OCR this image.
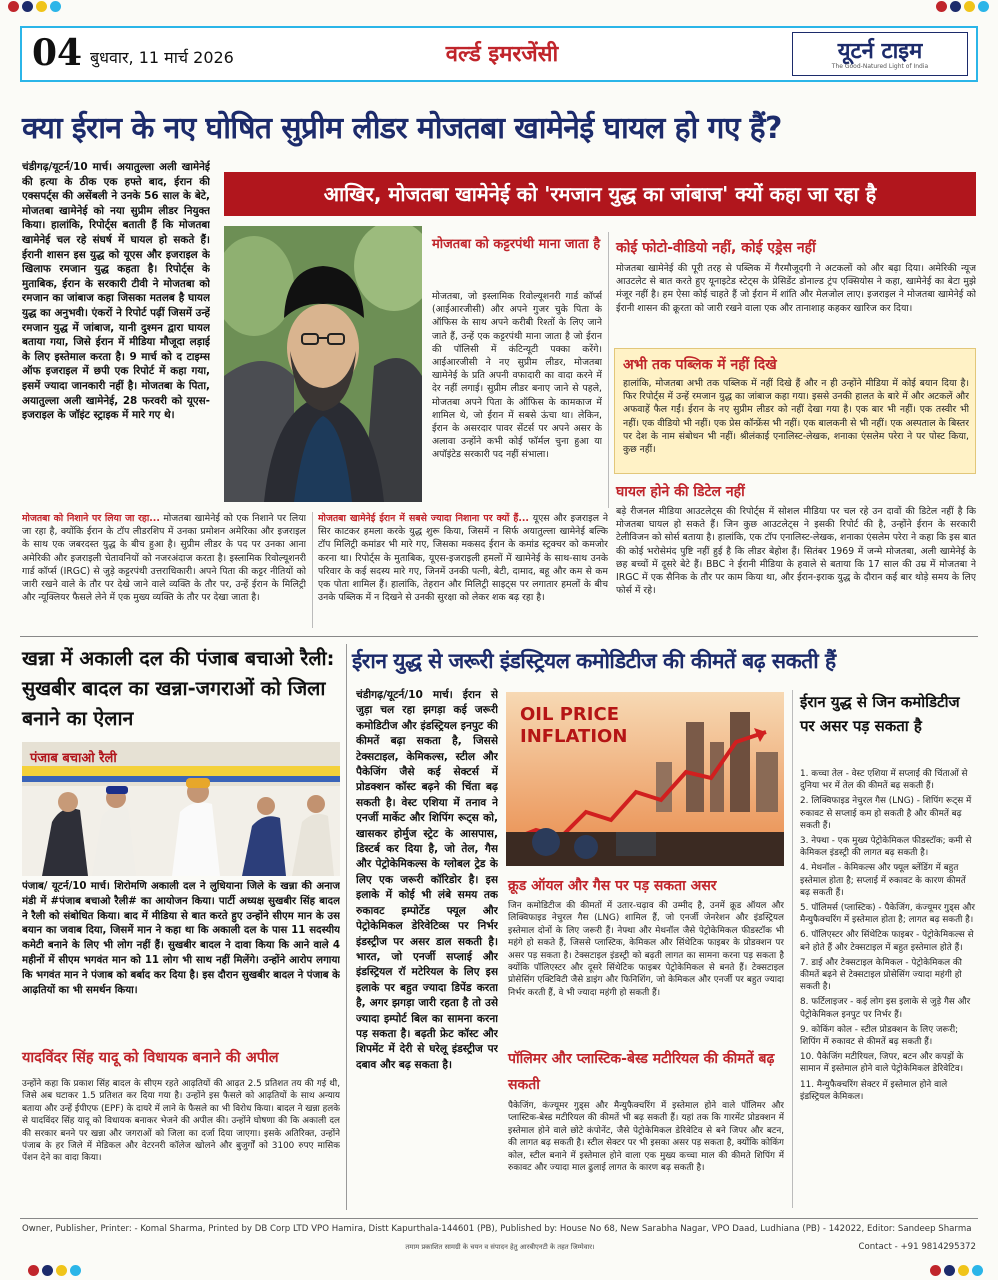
04 बुधवार, 11 मार्च 2026	वर्ल्ड इमरजेंसी	यूटर्न टाइम
The Good-Natured Light of India
क्या ईरान के नए घोषित सुप्रीम लीडर मोजतबा खामेनेई घायल हो गए हैं?
चंडीगढ़/यूटर्न/10 मार्च। अयातुल्ला अली खामेनेई की हत्या के ठीक एक हफ्ते बाद, ईरान की एक्सपर्ट्स की असेंबली ने उनके 56 साल के बेटे, मोजतबा खामेनेई को नया सुप्रीम लीडर नियुक्त किया। हालांकि, रिपोर्ट्स बताती हैं कि मोजतबा खामेनेई चल रहे संघर्ष में घायल हो सकते हैं। ईरानी शासन इस युद्ध को यूएस और इजराइल के खिलाफ रमजान युद्ध कहता है। रिपोर्ट्स के मुताबिक, ईरान के सरकारी टीवी ने मोजतबा को रमजान का जांबाज कहा जिसका मतलब है घायल युद्ध का अनुभवी। एंकरों ने रिपोर्ट पढ़ीं जिसमें उन्हें रमजान युद्ध में जांबाज, यानी दुश्मन द्वारा घायल बताया गया, जिसे ईरान में मीडिया मौजूदा लड़ाई के लिए इस्तेमाल करता है। 9 मार्च को द टाइम्स ऑफ इजराइल में छपी एक रिपोर्ट में कहा गया, इसमें ज्यादा जानकारी नहीं है। मोजतबा के पिता, अयातुल्ला अली खामेनेई, 28 फरवरी को यूएस-इजराइल के जॉइंट स्ट्राइक में मारे गए थे।
आखिर, मोजतबा खामेनेई को 'रमजान युद्ध का जांबाज' क्यों कहा जा रहा है
मोजतबा को कट्टरपंथी माना जाता है
मोजतबा, जो इस्लामिक रिवोल्यूशनरी गार्ड कॉर्प्स (आईआरजीसी) और अपने गुजर चुके पिता के ऑफिस के साथ अपने करीबी रिश्तों के लिए जाने जाते हैं, उन्हें एक कट्टरपंथी माना जाता है जो ईरान की पॉलिसी में कंटिन्यूटी पक्का करेंगे। आईआरजीसी ने नए सुप्रीम लीडर, मोजतबा खामेनेई के प्रति अपनी वफादारी का वादा करने में देर नहीं लगाई। सुप्रीम लीडर बनाए जाने से पहले, मोजतबा अपने पिता के ऑफिस के कामकाज में शामिल थे, जो ईरान में सबसे ऊंचा था। लेकिन, ईरान के असरदार पावर सेंटर्स पर अपने असर के अलावा उन्होंने कभी कोई फॉर्मल चुना हुआ या अपॉइंटेड सरकारी पद नहीं संभाला।
कोई फोटो-वीडियो नहीं, कोई एड्रेस नहीं
मोजतबा खामेनेई की पूरी तरह से पब्लिक में गैरमौजूदगी ने अटकलों को और बढ़ा दिया। अमेरिकी न्यूज आउटलेट से बात करते हुए यूनाइटेड स्टेट्स के प्रेसिडेंट डोनाल्ड ट्रंप एक्सियोस ने कहा, खामेनेई का बेटा मुझे मंजूर नहीं है। हम ऐसा कोई चाहते हैं जो ईरान में शांति और मेलजोल लाए। इजराइल ने मोजतबा खामेनेई को ईरानी शासन की क्रूरता को जारी रखने वाला एक और तानाशाह कहकर खारिज कर दिया।
अभी तक पब्लिक में नहीं दिखे
हालांकि, मोजतबा अभी तक पब्लिक में नहीं दिखे हैं और न ही उन्होंने मीडिया में कोई बयान दिया है। फिर रिपोर्ट्स में उन्हें रमजान युद्ध का जांबाज कहा गया। इससे उनकी हालत के बारे में और अटकलें और अफवाहें फैल गईं। ईरान के नए सुप्रीम लीडर को नहीं देखा गया है। एक बार भी नहीं। एक तस्वीर भी नहीं। एक वीडियो भी नहीं। एक प्रेस कॉन्फ्रेंस भी नहीं। एक बालकनी से भी नहीं। एक अस्पताल के बिस्तर पर देश के नाम संबोधन भी नहीं। श्रीलंकाई एनालिस्ट-लेखक, शनाका एंसलेम परेरा ने पर पोस्ट किया, कुछ नहीं।
घायल होने की डिटेल नहीं
बड़े रीजनल मीडिया आउटलेट्स की रिपोर्ट्स में सोशल मीडिया पर चल रहे उन दावों की डिटेल नहीं है कि मोजतबा घायल हो सकते हैं। जिन कुछ आउटलेट्स ने इसकी रिपोर्ट की है, उन्होंने ईरान के सरकारी टेलीविजन को सोर्स बताया है। हालांकि, एक टॉप एनालिस्ट-लेखक, शनाका एंसलेम परेरा ने कहा कि इस बात की कोई भरोसेमंद पुष्टि नहीं हुई है कि लीडर बेहोश हैं। सितंबर 1969 में जन्मे मोजतबा, अली खामेनेई के छह बच्चों में दूसरे बेटे हैं। BBC ने ईरानी मीडिया के हवाले से बताया कि 17 साल की उम्र में मोजतबा ने IRGC में एक सैनिक के तौर पर काम किया था, और ईरान-इराक युद्ध के दौरान कई बार थोड़े समय के लिए फोर्स में रहे।
मोजतबा को निशाने पर लिया जा रहा... मोजतबा खामेनेई को एक निशाने पर लिया जा रहा है, क्योंकि ईरान के टॉप लीडरशिप में उनका प्रमोशन अमेरिका और इजराइल के साथ एक जबरदस्त युद्ध के बीच हुआ है। सुप्रीम लीडर के पद पर उनका आना अमेरिकी और इजराइली चेतावनियों को नजरअंदाज करता है। इस्लामिक रिवोल्यूशनरी गार्ड कॉर्प्स (IRGC) से जुड़े कट्टरपंथी उत्तराधिकारी। अपने पिता की कट्टर नीतियों को जारी रखने वाले के तौर पर देखे जाने वाले व्यक्ति के तौर पर, उन्हें ईरान के मिलिट्री और न्यूक्लियर फैसले लेने में एक मुख्य व्यक्ति के तौर पर देखा जाता है।
मोजतबा खामेनेई ईरान में सबसे ज्यादा निशाना पर क्यों हैं... यूएस और इजराइल ने सिर काटकर हमला करके युद्ध शुरू किया, जिसमें न सिर्फ अयातुल्ला खामेनेई बल्कि टॉप मिलिट्री कमांडर भी मारे गए, जिसका मकसद ईरान के कमांड स्ट्रक्चर को कमजोर करना था। रिपोर्ट्स के मुताबिक, यूएस-इजराइली हमलों में खामेनेई के साथ-साथ उनके परिवार के कई सदस्य मारे गए, जिनमें उनकी पत्नी, बेटी, दामाद, बहू और कम से कम एक पोता शामिल हैं। हालांकि, तेहरान और मिलिट्री साइट्स पर लगातार हमलों के बीच उनके पब्लिक में न दिखने से उनकी सुरक्षा को लेकर शक बढ़ रहा है।
खन्ना में अकाली दल की पंजाब बचाओ रैली: सुखबीर बादल का खन्ना-जगराओं को जिला बनाने का ऐलान
पंजाब बचाओ रैली
पंजाब/ यूटर्न/10 मार्च। शिरोमणि अकाली दल ने लुधियाना जिले के खन्ना की अनाज मंडी में #पंजाब बचाओ रैली# का आयोजन किया। पार्टी अध्यक्ष सुखबीर सिंह बादल ने रैली को संबोधित किया। बाद में मीडिया से बात करते हुए उन्होंने सीएम मान के उस बयान का जवाब दिया, जिसमें मान ने कहा था कि अकाली दल के पास 11 सदस्यीय कमेटी बनाने के लिए भी लोग नहीं हैं। सुखबीर बादल ने दावा किया कि आने वाले 4 महीनों में सीएम भगवंत मान को 11 लोग भी साथ नहीं मिलेंगे। उन्होंने आरोप लगाया कि भगवंत मान ने पंजाब को बर्बाद कर दिया है। इस दौरान सुखबीर बादल ने पंजाब के आढ़तियों का भी समर्थन किया।
यादविंदर सिंह यादू को विधायक बनाने की अपील
उन्होंने कहा कि प्रकाश सिंह बादल के सीएम रहते आढ़तियों की आढ़त 2.5 प्रतिशत तय की गई थी, जिसे अब घटाकर 1.5 प्रतिशत कर दिया गया है। उन्होंने इस फैसले को आढ़तियों के साथ अन्याय बताया और उन्हें ईपीएफ (EPF) के दायरे में लाने के फैसले का भी विरोध किया। बादल ने खन्ना हलके से यादविंदर सिंह यादू को विधायक बनाकर भेजने की अपील की। उन्होंने घोषणा की कि अकाली दल की सरकार बनने पर खन्ना और जगराओं को जिला का दर्जा दिया जाएगा। इसके अतिरिक्त, उन्होंने पंजाब के हर जिले में मेडिकल और वेटरनरी कॉलेज खोलने और बुजुर्गों को 3100 रुपए मासिक पेंशन देने का वादा किया।
ईरान युद्ध से जरूरी इंडस्ट्रियल कमोडिटीज की कीमतें बढ़ सकती हैं
चंडीगढ़/यूटर्न/10 मार्च। ईरान से जुड़ा चल रहा झगड़ा कई जरूरी कमोडिटीज और इंडस्ट्रियल इनपुट की कीमतें बढ़ा सकता है, जिससे टेक्सटाइल, केमिकल्स, स्टील और पैकेजिंग जैसे कई सेक्टर्स में प्रोडक्शन कॉस्ट बढ़ने की चिंता बढ़ सकती है। वेस्ट एशिया में तनाव ने एनर्जी मार्केट और शिपिंग रूट्स को, खासकर होर्मुज स्ट्रेट के आसपास, डिस्टर्ब कर दिया है, जो तेल, गैस और पेट्रोकेमिकल्स के ग्लोबल ट्रेड के लिए एक जरूरी कॉरिडोर है। इस इलाके में कोई भी लंबे समय तक रुकावट इम्पोर्टेड फ्यूल और पेट्रोकेमिकल डेरिवेटिव्स पर निर्भर इंडस्ट्रीज पर असर डाल सकती है। भारत, जो एनर्जी सप्लाई और इंडस्ट्रियल रॉ मटेरियल के लिए इस इलाके पर बहुत ज्यादा डिपेंड करता है, अगर झगड़ा जारी रहता है तो उसे ज्यादा इम्पोर्ट बिल का सामना करना पड़ सकता है। बढ़ती फ्रेट कॉस्ट और शिपमेंट में देरी से घरेलू इंडस्ट्रीज पर दबाव और बढ़ सकता है।
OIL PRICE
INFLATION
क्रूड ऑयल और गैस पर पड़ सकता असर
जिन कमोडिटीज की कीमतों में उतार-चढ़ाव की उम्मीद है, उनमें क्रूड ऑयल और लिक्विफाइड नेचुरल गैस (LNG) शामिल हैं, जो एनर्जी जेनरेशन और इंडस्ट्रियल इस्तेमाल दोनों के लिए जरूरी हैं। नेफ्था और मेथनॉल जैसे पेट्रोकेमिकल फीडस्टॉक भी महंगे हो सकते हैं, जिससे प्लास्टिक, केमिकल और सिंथेटिक फाइबर के प्रोडक्शन पर असर पड़ सकता है। टेक्सटाइल इंडस्ट्री को बढ़ती लागत का सामना करना पड़ सकता है क्योंकि पॉलिएस्टर और दूसरे सिंथेटिक फाइबर पेट्रोकेमिकल से बनते हैं। टेक्सटाइल प्रोसेसिंग एक्टिविटी जैसे डाइंग और फिनिशिंग, जो केमिकल और एनर्जी पर बहुत ज्यादा निर्भर करती हैं, वे भी ज्यादा महंगी हो सकती हैं।
पॉलिमर और प्लास्टिक-बेस्ड मटीरियल की कीमतें बढ़ सकती
पैकेजिंग, कंज्यूमर गुड्स और मैन्युफैक्चरिंग में इस्तेमाल होने वाले पॉलिमर और प्लास्टिक-बेस्ड मटीरियल की कीमतें भी बढ़ सकती हैं। यहां तक कि गारमेंट प्रोडक्शन में इस्तेमाल होने वाले छोटे कंपोनेंट, जैसे पेट्रोकेमिकल डेरिवेटिव से बने जिपर और बटन, की लागत बढ़ सकती है। स्टील सेक्टर पर भी इसका असर पड़ सकता है, क्योंकि कोकिंग कोल, स्टील बनाने में इस्तेमाल होने वाला एक मुख्य कच्चा माल की कीमते शिपिंग में रुकावट और ज्यादा माल ढुलाई लागत के कारण बढ़ सकती है।
ईरान युद्ध से जिन कमोडिटीज पर असर पड़ सकता है
1. कच्चा तेल - वेस्ट एशिया में सप्लाई की चिंताओं से दुनिया भर में तेल की कीमतें बढ़ सकती हैं।
2. लिक्विफाइड नेचुरल गैस (LNG) - शिपिंग रूट्स में रुकावट से सप्लाई कम हो सकती है और कीमतें बढ़ सकती हैं।
3. नेफ्था - एक मुख्य पेट्रोकेमिकल फीडस्टॉक; कमी से केमिकल इंडस्ट्री की लागत बढ़ सकती है।
4. मेथनॉल - केमिकल्स और फ्यूल ब्लेंडिंग में बहुत इस्तेमाल होता है; सप्लाई में रुकावट के कारण कीमतें बढ़ सकती हैं।
5. पॉलिमर्स (प्लास्टिक) - पैकेजिंग, कंज्यूमर गुड्स और मैन्युफैक्चरिंग में इस्तेमाल होता है; लागत बढ़ सकती है।
6. पॉलिएस्टर और सिंथेटिक फाइबर - पेट्रोकेमिकल्स से बने होते हैं और टेक्सटाइल में बहुत इस्तेमाल होते हैं।
7. डाई और टेक्सटाइल केमिकल - पेट्रोकेमिकल की कीमतें बढ़ने से टेक्सटाइल प्रोसेसिंग ज्यादा महंगी हो सकती है।
8. फर्टिलाइजर - कई लोग इस इलाके से जुड़े गैस और पेट्रोकेमिकल इनपुट पर निर्भर हैं।
9. कोकिंग कोल - स्टील प्रोडक्शन के लिए जरूरी; शिपिंग में रुकावट से कीमतें बढ़ सकती हैं।
10. पैकेजिंग मटीरियल, जिपर, बटन और कपड़ों के सामान में इस्तेमाल होने वाले पेट्रोकेमिकल डेरिवेटिव।
11. मैन्युफैक्चरिंग सेक्टर में इस्तेमाल होने वाले इंडस्ट्रियल केमिकल।
Owner, Publisher, Printer: - Komal Sharma, Printed by DB Corp LTD VPO Hamira, Distt Kapurthala-144601 (PB), Published by: House No 68, New Sarabha Nagar, VPO Daad, Ludhiana (PB) - 142022, Editor: Sandeep Sharma
तमाम प्रकाशित सामग्री के चयन व संपादन हेतु आरबीएनटी के तहत जिम्मेवार।	Contact - +91 9814295372
